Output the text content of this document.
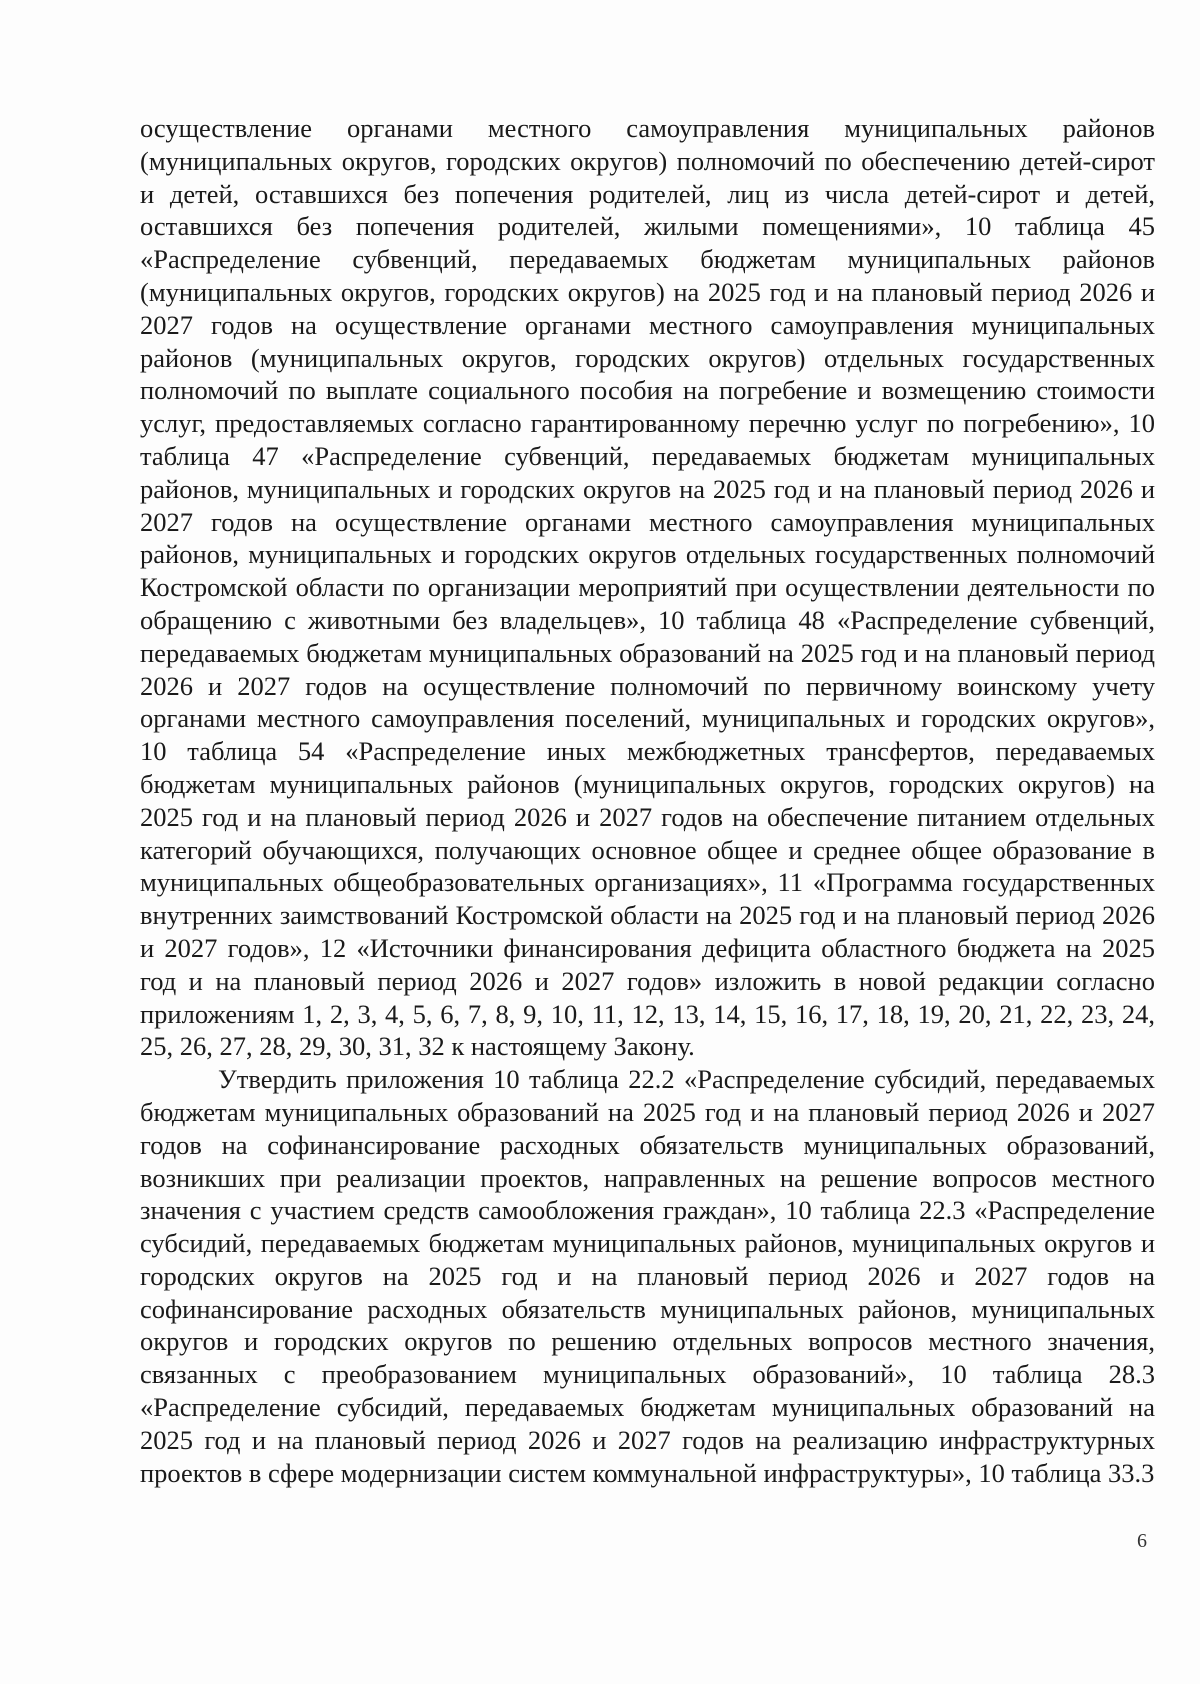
осуществление органами местного самоуправления муниципальных районов (муниципальных округов, городских округов) полномочий по обеспечению детей-сирот и детей, оставшихся без попечения родителей, лиц из числа детей-сирот и детей, оставшихся без попечения родителей, жилыми помещениями», 10 таблица 45 «Распределение субвенций, передаваемых бюджетам муниципальных районов (муниципальных округов, городских округов) на 2025 год и на плановый период 2026 и 2027 годов на осуществление органами местного самоуправления муниципальных районов (муниципальных округов, городских округов) отдельных государственных полномочий по выплате социального пособия на погребение и возмещению стоимости услуг, предоставляемых согласно гарантированному перечню услуг по погребению», 10 таблица 47 «Распределение субвенций, передаваемых бюджетам муниципальных районов, муниципальных и городских округов на 2025 год и на плановый период 2026 и 2027 годов на осуществление органами местного самоуправления муниципальных районов, муниципальных и городских округов отдельных государственных полномочий Костромской области по организации мероприятий при осуществлении деятельности по обращению с животными без владельцев», 10 таблица 48 «Распределение субвенций, передаваемых бюджетам муниципальных образований на 2025 год и на плановый период 2026 и 2027 годов на осуществление полномочий по первичному воинскому учету органами местного самоуправления поселений, муниципальных и городских округов», 10 таблица 54 «Распределение иных межбюджетных трансфертов, передаваемых бюджетам муниципальных районов (муниципальных округов, городских округов) на 2025 год и на плановый период 2026 и 2027 годов на обеспечение питанием отдельных категорий обучающихся, получающих основное общее и среднее общее образование в муниципальных общеобразовательных организациях», 11 «Программа государственных внутренних заимствований Костромской области на 2025 год и на плановый период 2026 и 2027 годов», 12 «Источники финансирования дефицита областного бюджета на 2025 год и на плановый период 2026 и 2027 годов» изложить в новой редакции согласно приложениям 1, 2, 3, 4, 5, 6, 7, 8, 9, 10, 11, 12, 13, 14, 15, 16, 17, 18, 19, 20, 21, 22, 23, 24, 25, 26, 27, 28, 29, 30, 31, 32 к настоящему Закону.

Утвердить приложения 10 таблица 22.2 «Распределение субсидий, передаваемых бюджетам муниципальных образований на 2025 год и на плановый период 2026 и 2027 годов на софинансирование расходных обязательств муниципальных образований, возникших при реализации проектов, направленных на решение вопросов местного значения с участием средств самообложения граждан», 10 таблица 22.3 «Распределение субсидий, передаваемых бюджетам муниципальных районов, муниципальных округов и городских округов на 2025 год и на плановый период 2026 и 2027 годов на софинансирование расходных обязательств муниципальных районов, муниципальных округов и городских округов по решению отдельных вопросов местного значения, связанных с преобразованием муниципальных образований», 10 таблица 28.3 «Распределение субсидий, передаваемых бюджетам муниципальных образований на 2025 год и на плановый период 2026 и 2027 годов на реализацию инфраструктурных проектов в сфере модернизации систем коммунальной инфраструктуры», 10 таблица 33.3

6
